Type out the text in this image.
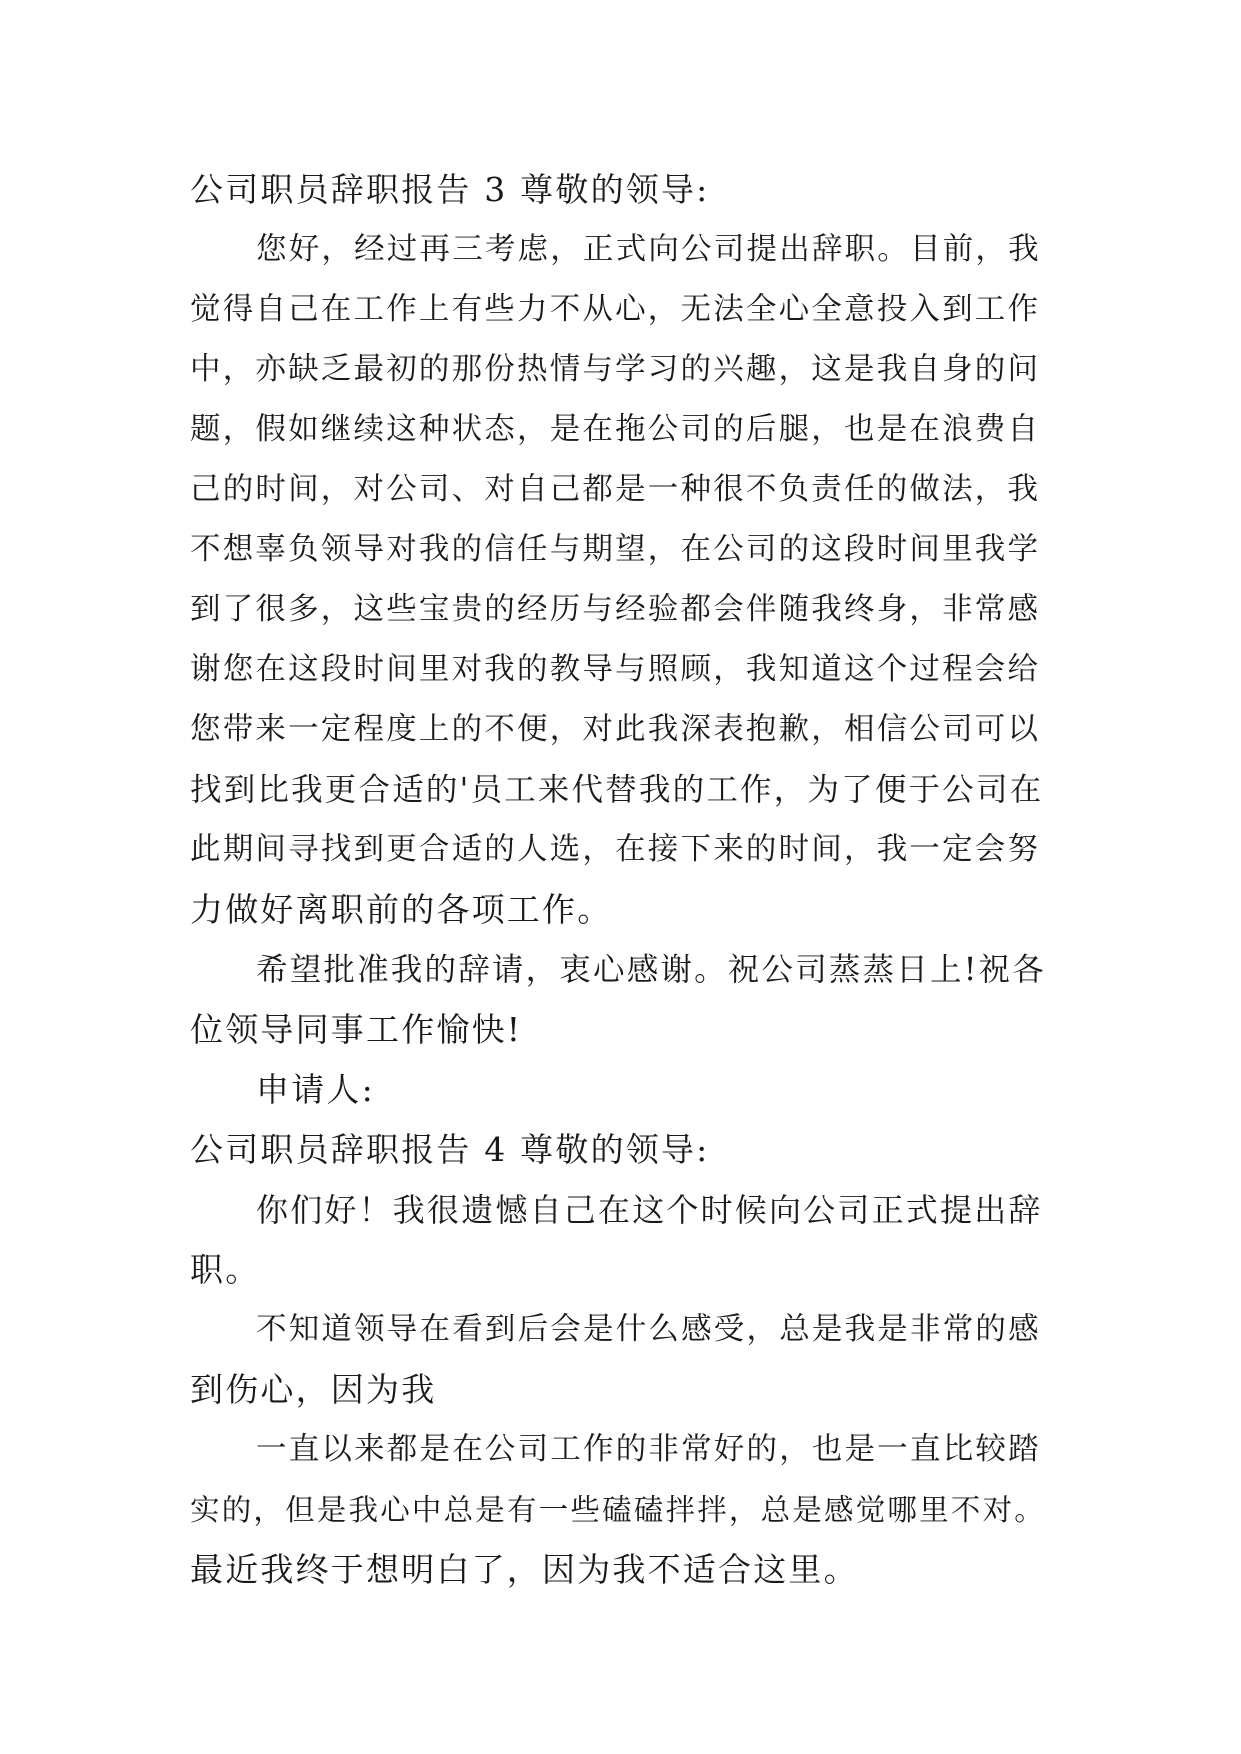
公司职员辞职报告 3 尊敬的领导:
您好，经过再三考虑，正式向公司提出辞职。目前，我
觉得自己在工作上有些力不从心，无法全心全意投入到工作
中，亦缺乏最初的那份热情与学习的兴趣，这是我自身的问
题，假如继续这种状态，是在拖公司的后腿，也是在浪费自
己的时间，对公司、对自己都是一种很不负责任的做法，我
不想辜负领导对我的信任与期望，在公司的这段时间里我学
到了很多，这些宝贵的经历与经验都会伴随我终身，非常感
谢您在这段时间里对我的教导与照顾，我知道这个过程会给
您带来一定程度上的不便，对此我深表抱歉，相信公司可以
找到比我更合适的'员工来代替我的工作，为了便于公司在
此期间寻找到更合适的人选，在接下来的时间，我一定会努
力做好离职前的各项工作。
希望批准我的辞请，衷心感谢。祝公司蒸蒸日上!祝各
位领导同事工作愉快!
申请人:
公司职员辞职报告 4 尊敬的领导:
你们好！我很遗憾自己在这个时候向公司正式提出辞
职。
不知道领导在看到后会是什么感受，总是我是非常的感
到伤心，因为我
一直以来都是在公司工作的非常好的，也是一直比较踏
实的，但是我心中总是有一些磕磕拌拌，总是感觉哪里不对。
最近我终于想明白了，因为我不适合这里。
